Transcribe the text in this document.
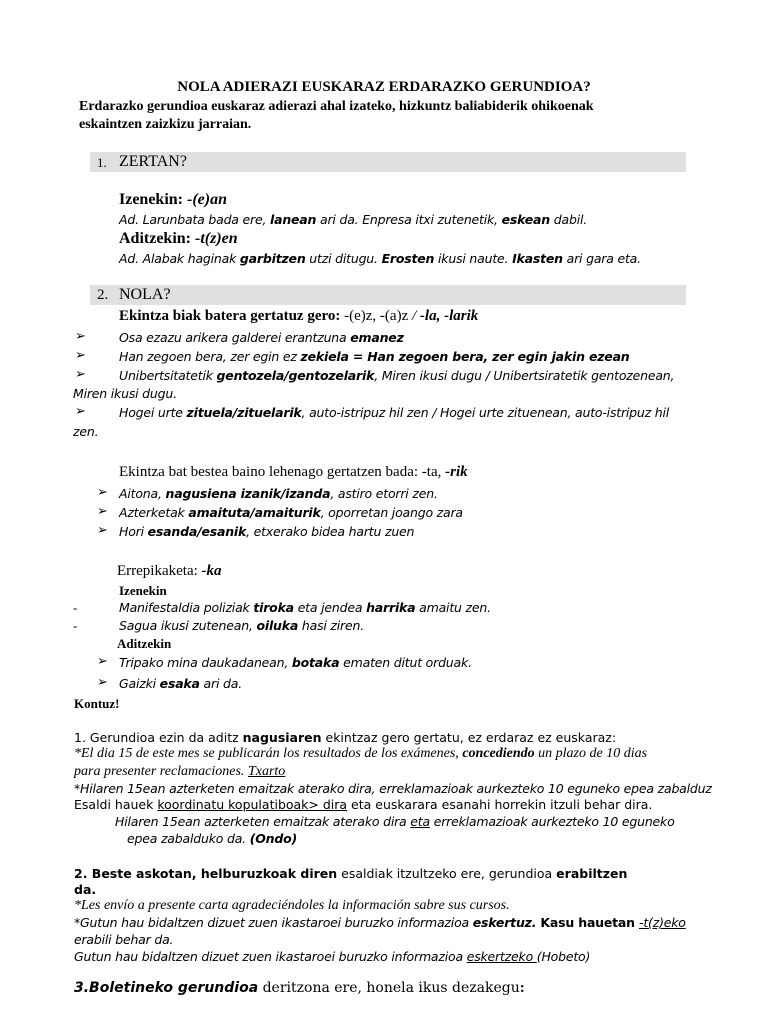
NOLA ADIERAZI EUSKARAZ ERDARAZKO GERUNDIOA?
Erdarazko gerundioa euskaraz adierazi ahal izateko, hizkuntz baliabiderik ohikoenak
eskaintzen zaizkizu jarraian.
1. ZERTAN?
Izenekin: -(e)an
Ad. Larunbata bada ere, lanean ari da. Enpresa itxi zutenetik, eskean dabil.
Aditzekin: -t(z)en
Ad. Alabak haginak garbitzen utzi ditugu. Erosten ikusi naute. Ikasten ari gara eta.
2. NOLA?
Ekintza biak batera gertatuz gero: -(e)z, -(a)z / -la, -larik
➢	Osa ezazu arikera galderei erantzuna emanez
➢	Han zegoen bera, zer egin ez zekiela = Han zegoen bera, zer egin jakin ezean
➢	Unibertsitatetik gentozela/gentozelarik, Miren ikusi dugu / Unibertsiratetik gentozenean,
Miren ikusi dugu.
➢	Hogei urte zituela/zituelarik, auto-istripuz hil zen / Hogei urte zituenean, auto-istripuz hil
zen.
Ekintza bat bestea baino lehenago gertatzen bada: -ta, -rik
➢ Aitona, nagusiena izanik/izanda, astiro etorri zen.
➢ Azterketak amaituta/amaiturik, oporretan joango zara
➢ Hori esanda/esanik, etxerako bidea hartu zuen
Errepikaketa: -ka
Izenekin
-	Manifestaldia poliziak tiroka eta jendea harrika amaitu zen.
-	Sagua ikusi zutenean, oiluka hasi ziren.
Aditzekin
➢ Tripako mina daukadanean, botaka ematen ditut orduak.
➢ Gaizki esaka ari da.
Kontuz!
1. Gerundioa ezin da aditz nagusiaren ekintzaz gero gertatu, ez erdaraz ez euskaraz:
*El dia 15 de este mes se publicarán los resultados de los exámenes, concediendo un plazo de 10 dias
para presenter reclamaciones. Txarto
*Hilaren 15ean azterketen emaitzak aterako dira, erreklamazioak aurkezteko 10 eguneko epea zabalduz
Esaldi hauek koordinatu kopulatiboak> dira eta euskarara esanahi horrekin itzuli behar dira.
Hilaren 15ean azterketen emaitzak aterako dira eta erreklamazioak aurkezteko 10 eguneko
epea zabalduko da. (Ondo)
2. Beste askotan, helburuzkoak diren esaldiak itzultzeko ere, gerundioa erabiltzen
da.
*Les envío a presente carta agradeciéndoles la información sabre sus cursos.
*Gutun hau bidaltzen dizuet zuen ikastaroei buruzko informazioa eskertuz. Kasu hauetan -t(z)eko
erabili behar da.
Gutun hau bidaltzen dizuet zuen ikastaroei buruzko informazioa eskertzeko (Hobeto)
3.Boletineko gerundioa deritzona ere, honela ikus dezakegu:
